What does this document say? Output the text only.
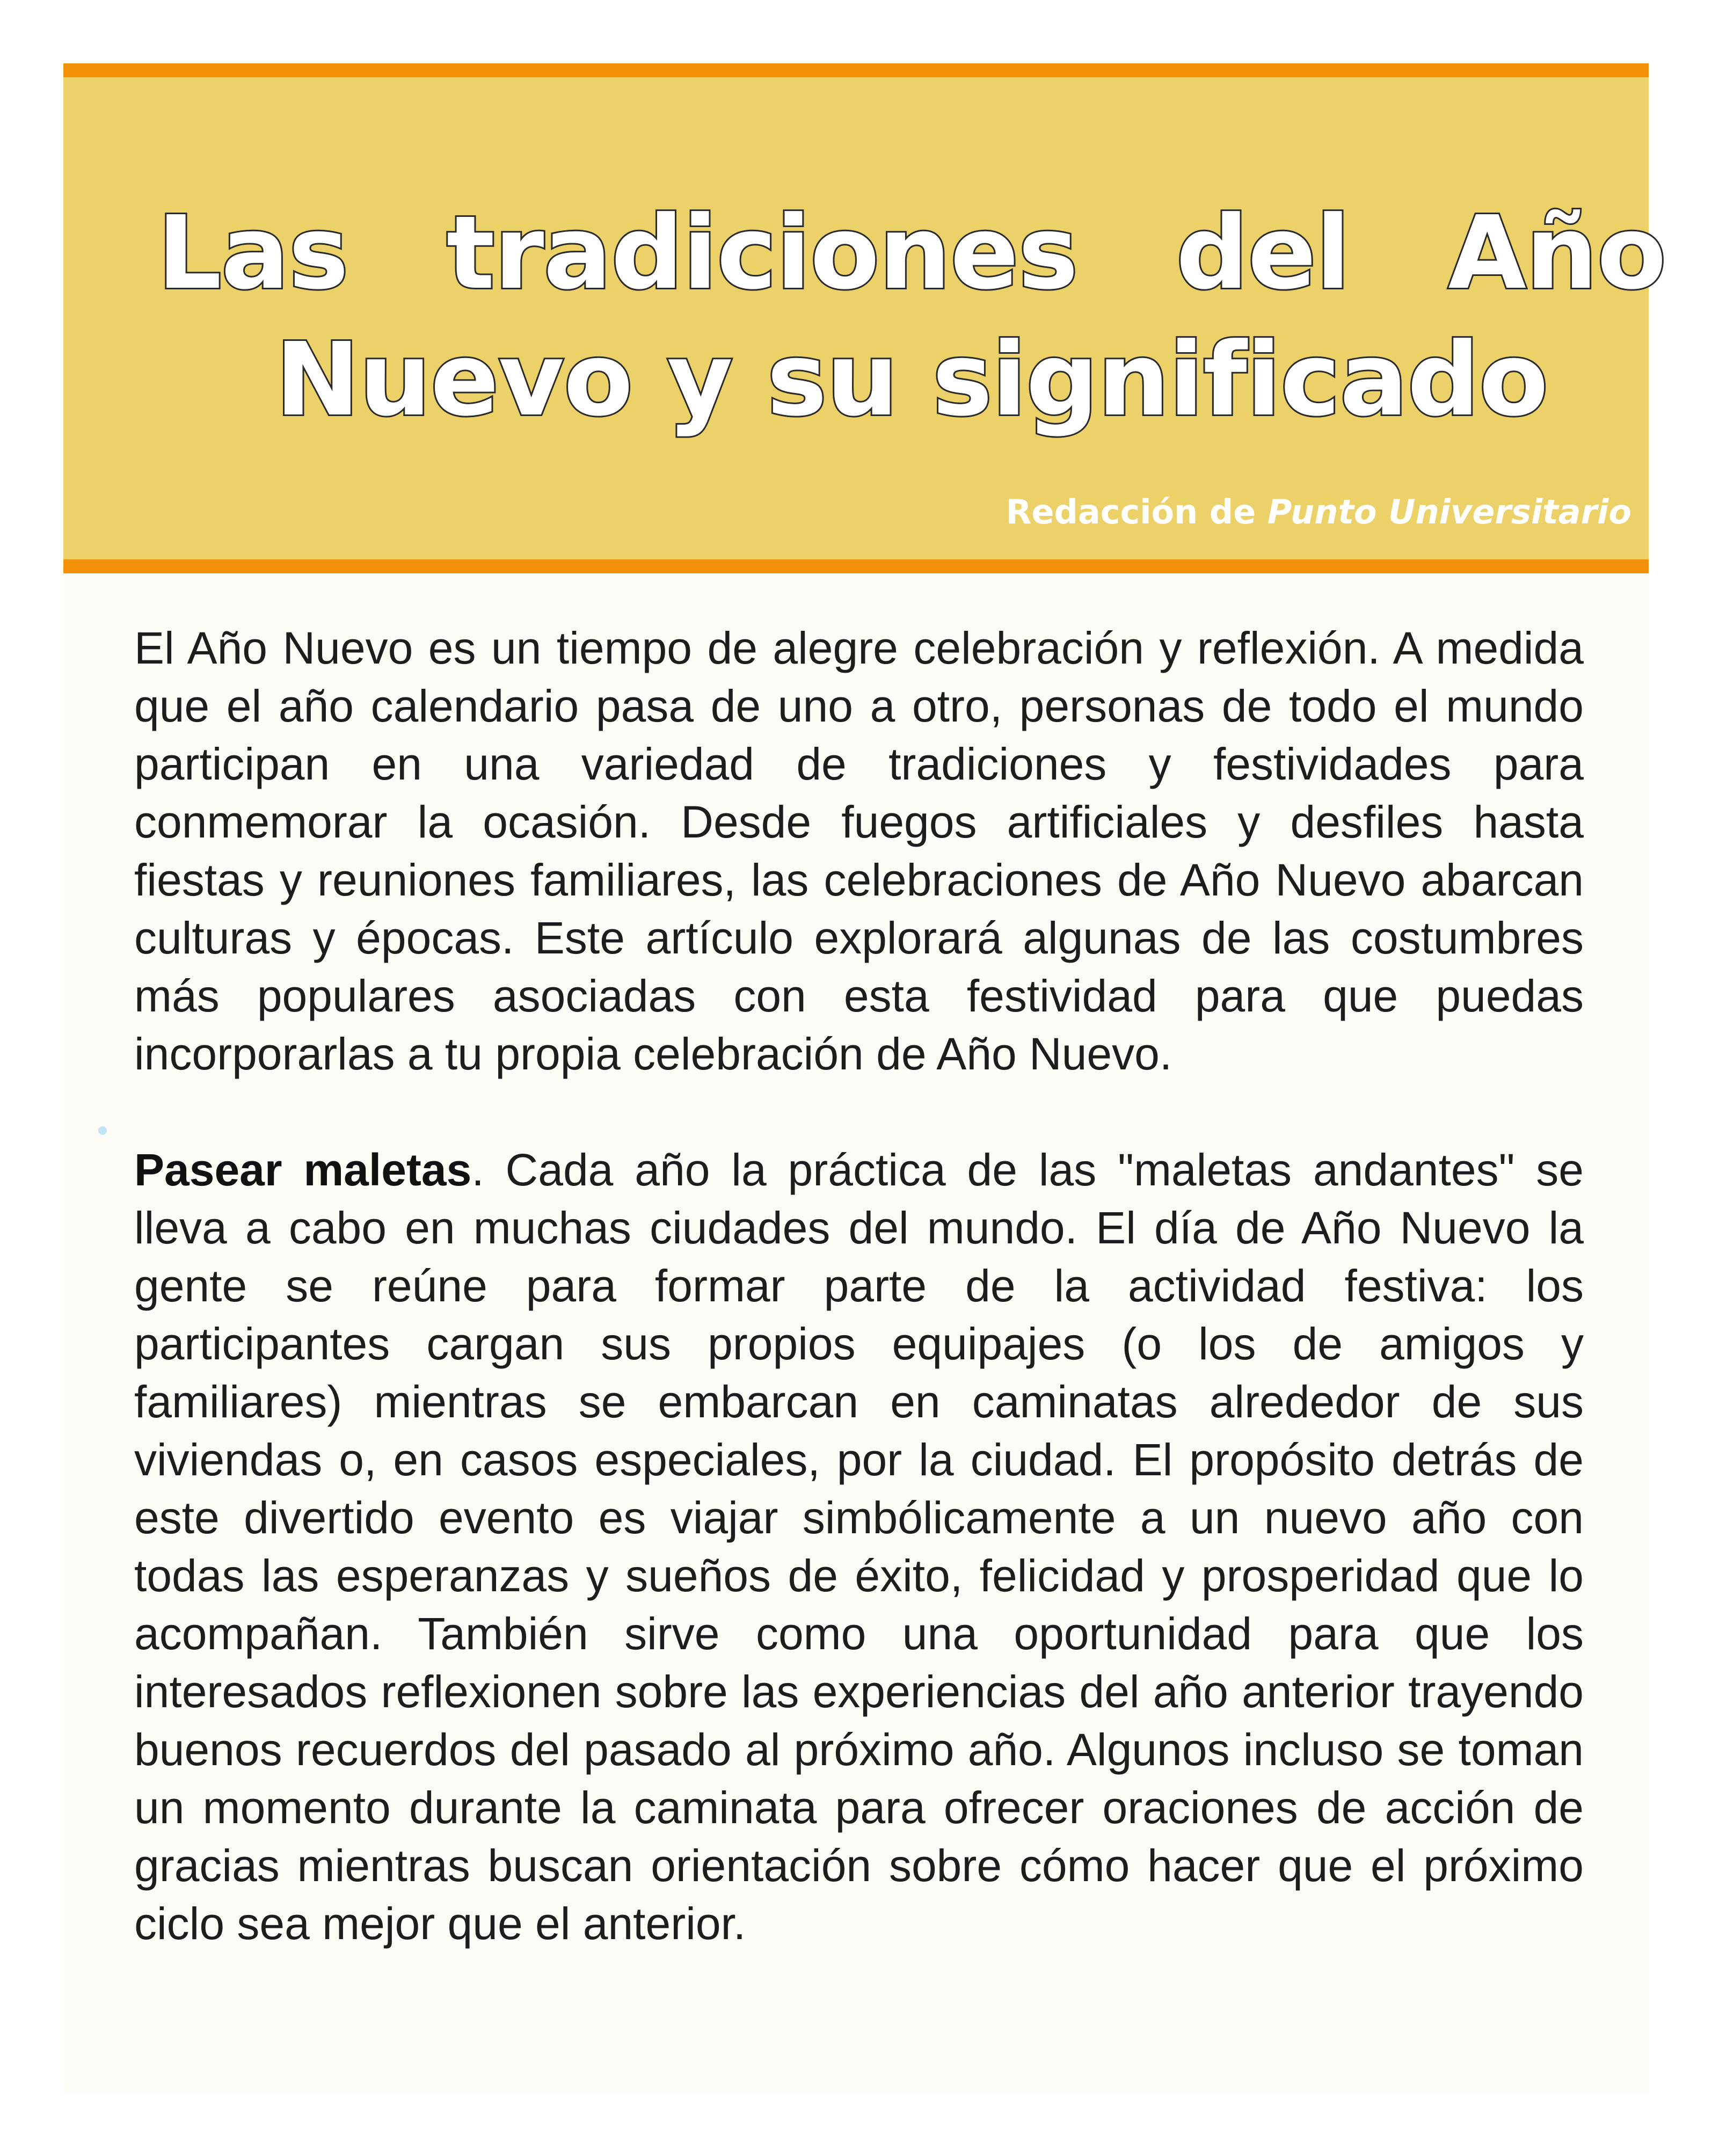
Las tradiciones del Año
Nuevo y su significado

Redacción de Punto Universitario

El Año Nuevo es un tiempo de alegre celebración y reflexión. A medida que el año calendario pasa de uno a otro, personas de todo el mundo participan en una variedad de tradiciones y festividades para conmemorar la ocasión. Desde fuegos artificiales y desfiles hasta fiestas y reuniones familiares, las celebraciones de Año Nuevo abarcan culturas y épocas. Este artículo explorará algunas de las costumbres más populares asociadas con esta festividad para que puedas incorporarlas a tu propia celebración de Año Nuevo.

Pasear maletas. Cada año la práctica de las "maletas andantes" se lleva a cabo en muchas ciudades del mundo. El día de Año Nuevo la gente se reúne para formar parte de la actividad festiva: los participantes cargan sus propios equipajes (o los de amigos y familiares) mientras se embarcan en caminatas alrededor de sus viviendas o, en casos especiales, por la ciudad. El propósito detrás de este divertido evento es viajar simbólicamente a un nuevo año con todas las esperanzas y sueños de éxito, felicidad y prosperidad que lo acompañan. También sirve como una oportunidad para que los interesados reflexionen sobre las experiencias del año anterior trayendo buenos recuerdos del pasado al próximo año. Algunos incluso se toman un momento durante la caminata para ofrecer oraciones de acción de gracias mientras buscan orientación sobre cómo hacer que el próximo ciclo sea mejor que el anterior.
